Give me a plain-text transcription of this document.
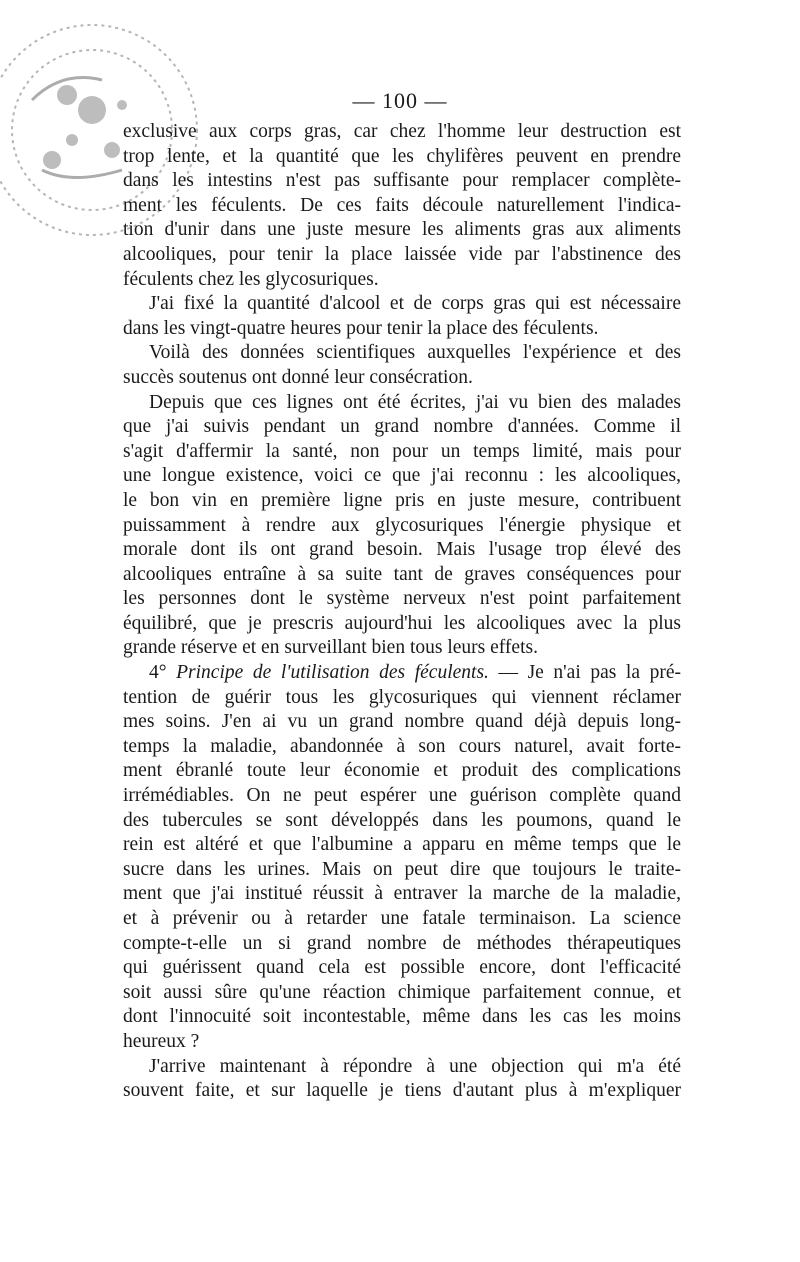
— 100 —
exclusive aux corps gras, car chez l'homme leur destruction est
trop lente, et la quantité que les chylifères peuvent en prendre
dans les intestins n'est pas suffisante pour remplacer complète-
ment les féculents. De ces faits découle naturellement l'indica-
tion d'unir dans une juste mesure les aliments gras aux aliments
alcooliques, pour tenir la place laissée vide par l'abstinence des
féculents chez les glycosuriques.
J'ai fixé la quantité d'alcool et de corps gras qui est nécessaire
dans les vingt-quatre heures pour tenir la place des féculents.
Voilà des données scientifiques auxquelles l'expérience et des
succès soutenus ont donné leur consécration.
Depuis que ces lignes ont été écrites, j'ai vu bien des malades
que j'ai suivis pendant un grand nombre d'années. Comme il
s'agit d'affermir la santé, non pour un temps limité, mais pour
une longue existence, voici ce que j'ai reconnu : les alcooliques,
le bon vin en première ligne pris en juste mesure, contribuent
puissamment à rendre aux glycosuriques l'énergie physique et
morale dont ils ont grand besoin. Mais l'usage trop élevé des
alcooliques entraîne à sa suite tant de graves conséquences pour
les personnes dont le système nerveux n'est point parfaitement
équilibré, que je prescris aujourd'hui les alcooliques avec la plus
grande réserve et en surveillant bien tous leurs effets.
4° Principe de l'utilisation des féculents. — Je n'ai pas la pré-
tention de guérir tous les glycosuriques qui viennent réclamer
mes soins. J'en ai vu un grand nombre quand déjà depuis long-
temps la maladie, abandonnée à son cours naturel, avait forte-
ment ébranlé toute leur économie et produit des complications
irrémédiables. On ne peut espérer une guérison complète quand
des tubercules se sont développés dans les poumons, quand le
rein est altéré et que l'albumine a apparu en même temps que le
sucre dans les urines. Mais on peut dire que toujours le traite-
ment que j'ai institué réussit à entraver la marche de la maladie,
et à prévenir ou à retarder une fatale terminaison. La science
compte-t-elle un si grand nombre de méthodes thérapeutiques
qui guérissent quand cela est possible encore, dont l'efficacité
soit aussi sûre qu'une réaction chimique parfaitement connue, et
dont l'innocuité soit incontestable, même dans les cas les moins
heureux ?
J'arrive maintenant à répondre à une objection qui m'a été
souvent faite, et sur laquelle je tiens d'autant plus à m'expliquer
